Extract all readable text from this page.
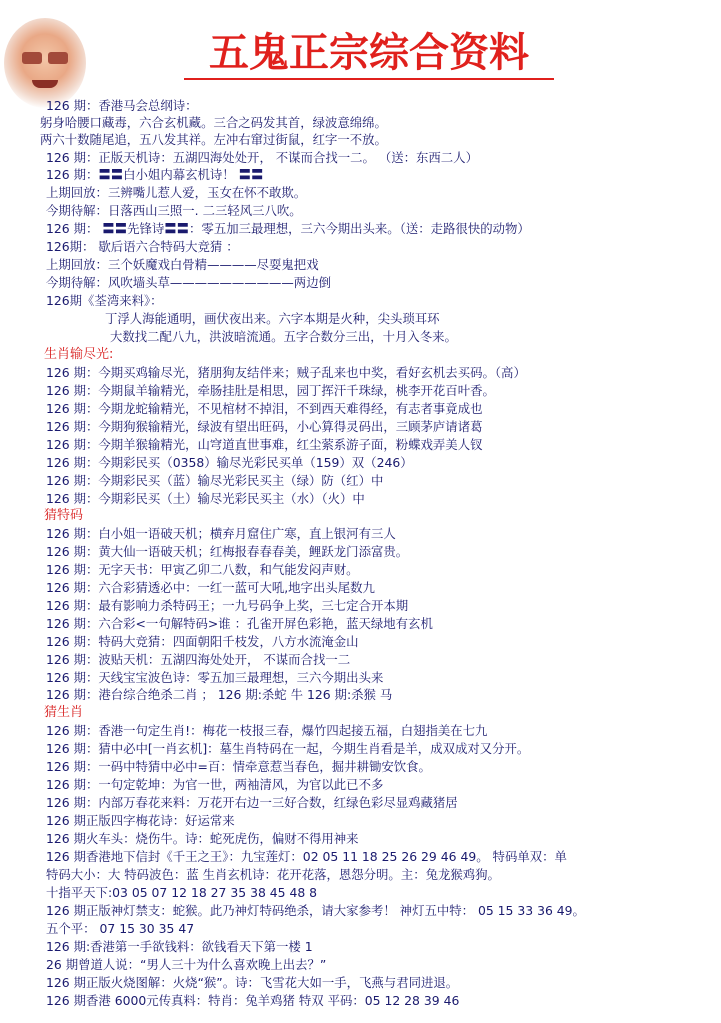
五鬼正宗综合资料
126 期：香港马会总纲诗：
躬身哈腰口藏毒，六合玄机藏。三合之码发其首，绿波意绵绵。
两六十数随尾追，五八发其祥。左冲右窜过街鼠，红字一不放。
126 期：正版天机诗：五湖四海处处开， 不谋而合找一二。 （送：东西二人）
126 期：〓〓白小姐内幕玄机诗！ 〓〓
上期回放：三辨嘴儿惹人爱，玉女在怀不敢欺。
今期待解：日落西山三照一. 二三轻风三八吹。
126 期： 〓〓先锋诗〓〓：零五加三最理想，三六今期出头来。（送：走路很快的动物）
126期： 歇后语六合特码大竞猜 ：
上期回放：三个妖魔戏白骨精————尽耍鬼把戏
今期待解：风吹墙头草——————————两边倒
126期《荃湾来料》：
丁浮人海能通明，画伏夜出来。六字本期是火种，尖头琐耳环
大数找二配八九，洪波暗流通。五字合数分三出，十月入冬来。
生肖输尽光:
126 期：今期买鸡输尽光，猪朋狗友结伴来；贼子乱来也中奖，看好玄机去买码。（高）
126 期：今期鼠羊输精光，牵肠挂肚是相思，园丁挥汗千珠绿，桃李开花百叶香。
126 期：今期龙蛇输精光，不见棺材不掉泪，不到西天难得经，有志者事竟成也
126 期：今期狗猴输精光，绿波有望出旺码，小心算得灵码出，三顾茅庐请诸葛
126 期：今期羊猴输精光，山穹道直世事难，红尘萦系游子面，粉蝶戏弄美人钗
126 期：今期彩民买（0358）输尽光彩民买单（159）双（246）
126 期：今期彩民买（蓝）输尽光彩民买主（绿）防（红）中
126 期：今期彩民买（土）输尽光彩民买主（水）（火）中
猜特码
126 期：白小姐一语破天机；横弃月窟住广寒，直上银河有三人
126 期：黄大仙一语破天机；红梅报春春春美，鲤跃龙门添富贵。
126 期：无字天书：甲寅乙卯二八数，和气能发闷声财。
126 期：六合彩猜透必中：一红一蓝可大吼,地字出头尾数九
126 期：最有影响力杀特码王；一九号码争上奖，三七定合开本期
126 期：六合彩<一句解特码>谁 ：孔雀开屏色彩艳，蓝天绿地有玄机
126 期：特码大竞猜：四面朝阳千枝发，八方水流淹金山
126 期：波贴天机：五湖四海处处开， 不谋而合找一二
126 期：天线宝宝波色诗：零五加三最理想，三六今期出头来
126 期：港台综合绝杀二肖 ； 126 期:杀蛇 牛 126 期:杀猴 马
猜生肖
126 期：香港一句定生肖!：梅花一枝报三春，爆竹四起接五福，白翅指美在七九
126 期：猜中必中[一肖玄机]：墓生肖特码在一起，今期生肖看是羊，成双成对又分开。
126 期：一码中特猜中必中=百：情牵意惹当春色，掘井耕锄安饮食。
126 期：一句定乾坤：为官一世，两袖清风，为官以此已不多
126 期：内部万春花来料：万花开右边一三好合数，红绿色彩尽显鸡藏猪居
126 期正版四字梅花诗：好运常来
126 期火车头：烧伤牛。诗：蛇死虎伤，偏财不得用神来
126 期香港地下信封《千王之王》：九宝莲灯：02 05 11 18 25 26 29 46 49。 特码单双：单
特码大小：大 特码波色：蓝 生肖玄机诗：花开花落，恩怨分明。主：兔龙猴鸡狗。
十指平天下:03 05 07 12 18 27 35 38 45 48 8
126 期正版神灯禁支：蛇猴。此乃神灯特码绝杀，请大家参考！ 神灯五中特： 05 15 33 36 49。
五个平： 07 15 30 35 47
126 期:香港第一手欲钱料：欲钱看天下第一楼 1
26 期曾道人说：“男人三十为什么喜欢晚上出去？”
126 期正版火烧图解：火烧“猴”。诗：飞雪花大如一手，飞燕与君同进退。
126 期香港 6000元传真料：特肖：兔羊鸡猪 特双 平码：05 12 28 39 46
